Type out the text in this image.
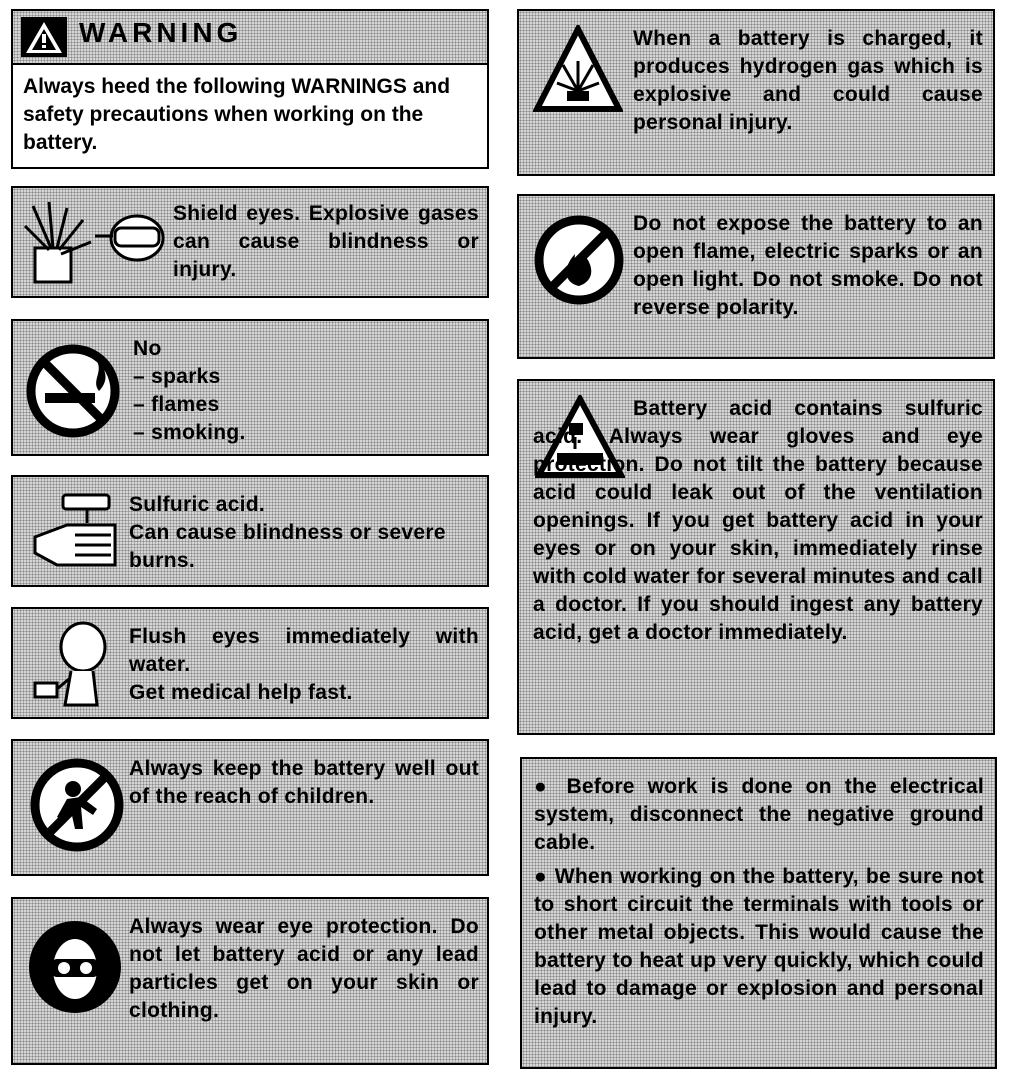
WARNING
Always heed the following WARNINGS and safety precautions when working on the battery.
Shield eyes. Explosive gases can cause blindness or injury.
No
– sparks
– flames
– smoking.
Sulfuric acid.
Can cause blindness or severe burns.
Flush eyes immediately with water.
Get medical help fast.
Always keep the battery well out of the reach of children.
Always wear eye protection. Do not let battery acid or any lead particles get on your skin or clothing.
When a battery is charged, it produces hydrogen gas which is explosive and could cause personal injury.
Do not expose the battery to an open flame, electric sparks or an open light. Do not smoke. Do not reverse polarity.
Battery acid contains sulfuric acid. Always wear gloves and eye protection. Do not tilt the battery because acid could leak out of the ventilation openings. If you get battery acid in your eyes or on your skin, immediately rinse with cold water for several minutes and call a doctor. If you should ingest any battery acid, get a doctor immediately.
● Before work is done on the electrical system, disconnect the negative ground cable.
● When working on the battery, be sure not to short circuit the terminals with tools or other metal objects. This would cause the battery to heat up very quickly, which could lead to damage or explosion and personal injury.
